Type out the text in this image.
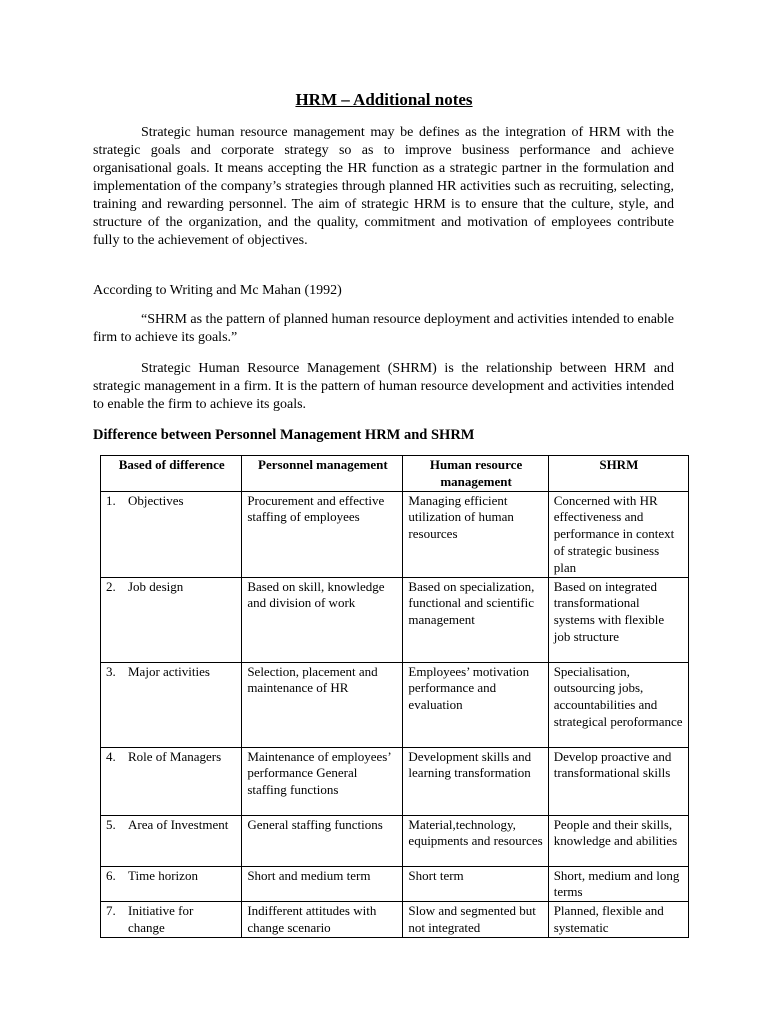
HRM – Additional notes

Strategic human resource management may be defines as the integration of HRM with the strategic goals and corporate strategy so as to improve business performance and achieve organisational goals. It means accepting the HR function as a strategic partner in the formulation and implementation of the company’s strategies through planned HR activities such as recruiting, selecting, training and rewarding personnel. The aim of strategic HRM is to ensure that the culture, style, and structure of the organization, and the quality, commitment and motivation of employees contribute fully to the achievement of objectives.

According to Writing and Mc Mahan (1992)

“SHRM as the pattern of planned human resource deployment and activities intended to enable firm to achieve its goals.”

Strategic Human Resource Management (SHRM) is the relationship between HRM and strategic management in a firm. It is the pattern of human resource development and activities intended to enable the firm to achieve its goals.

Difference between Personnel Management HRM and SHRM

Based of difference	Personnel management	Human resource management	SHRM
1. Objectives	Procurement and effective staffing of employees	Managing efficient utilization of human resources	Concerned with HR effectiveness and performance in context of strategic business plan
2. Job design	Based on skill, knowledge and division of work	Based on specialization, functional and scientific management	Based on integrated transformational systems with flexible job structure
3. Major activities	Selection, placement and maintenance of HR	Employees’ motivation performance and evaluation	Specialisation, outsourcing jobs, accountabilities and strategical peroformance
4. Role of Managers	Maintenance of employees’ performance General staffing functions	Development skills and learning transformation	Develop proactive and transformational skills
5. Area of Investment	General staffing functions	Material,technology, equipments and resources	People and their skills, knowledge and abilities
6. Time horizon	Short and medium term	Short term	Short, medium and long terms
7. Initiative for change	Indifferent attitudes with change scenario	Slow and segmented but not integrated	Planned, flexible and systematic
